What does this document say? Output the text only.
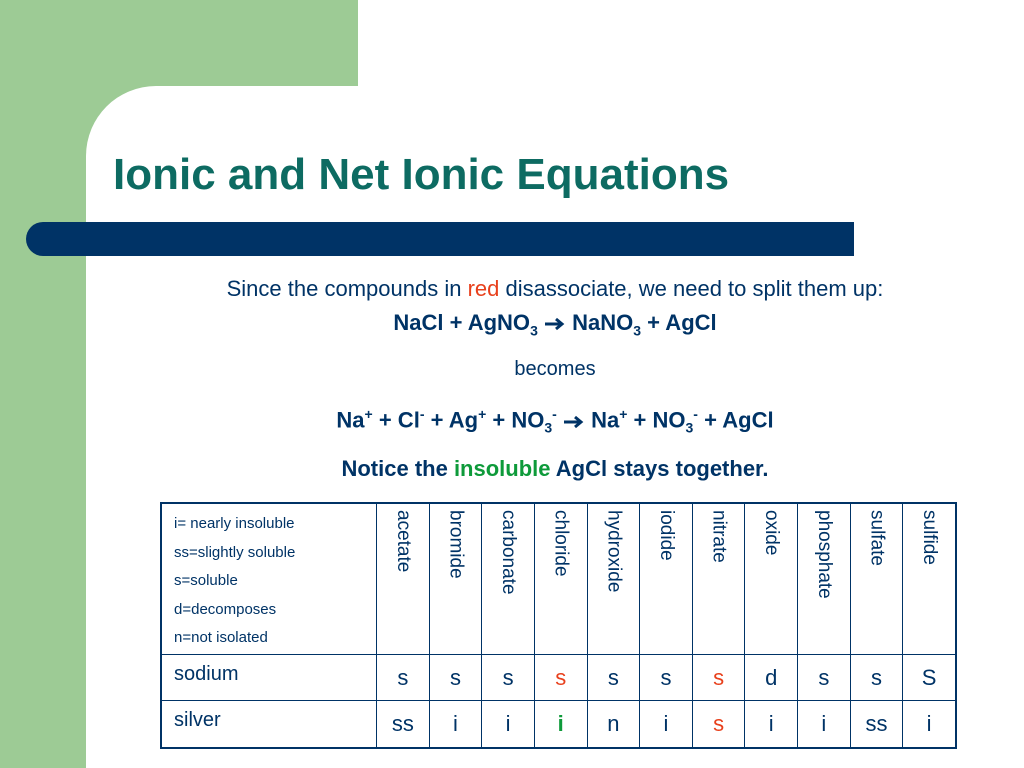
Ionic and Net Ionic Equations
Since the compounds in red disassociate, we need to split them up:
NaCl + AgNO$_3$ → NaNO$_3$ + AgCl
becomes
$Na^+ + Cl^- + Ag^+ + NO_3^- \to Na^+ + NO_3^-$ + AgCl
Notice the insoluble AgCl stays together.
i= nearly insoluble
ss=slightly soluble
s=soluble
d=decomposes
n=not isolated	acetate	bromide	carbonate	chloride	hydroxide	iodide	nitrate	oxide	phosphate	sulfate	sulfide

sodium	s	s	s	s	s	s	s	d	s	s	S
silver	ss	i	i	i	n	i	s	i	i	ss	i
